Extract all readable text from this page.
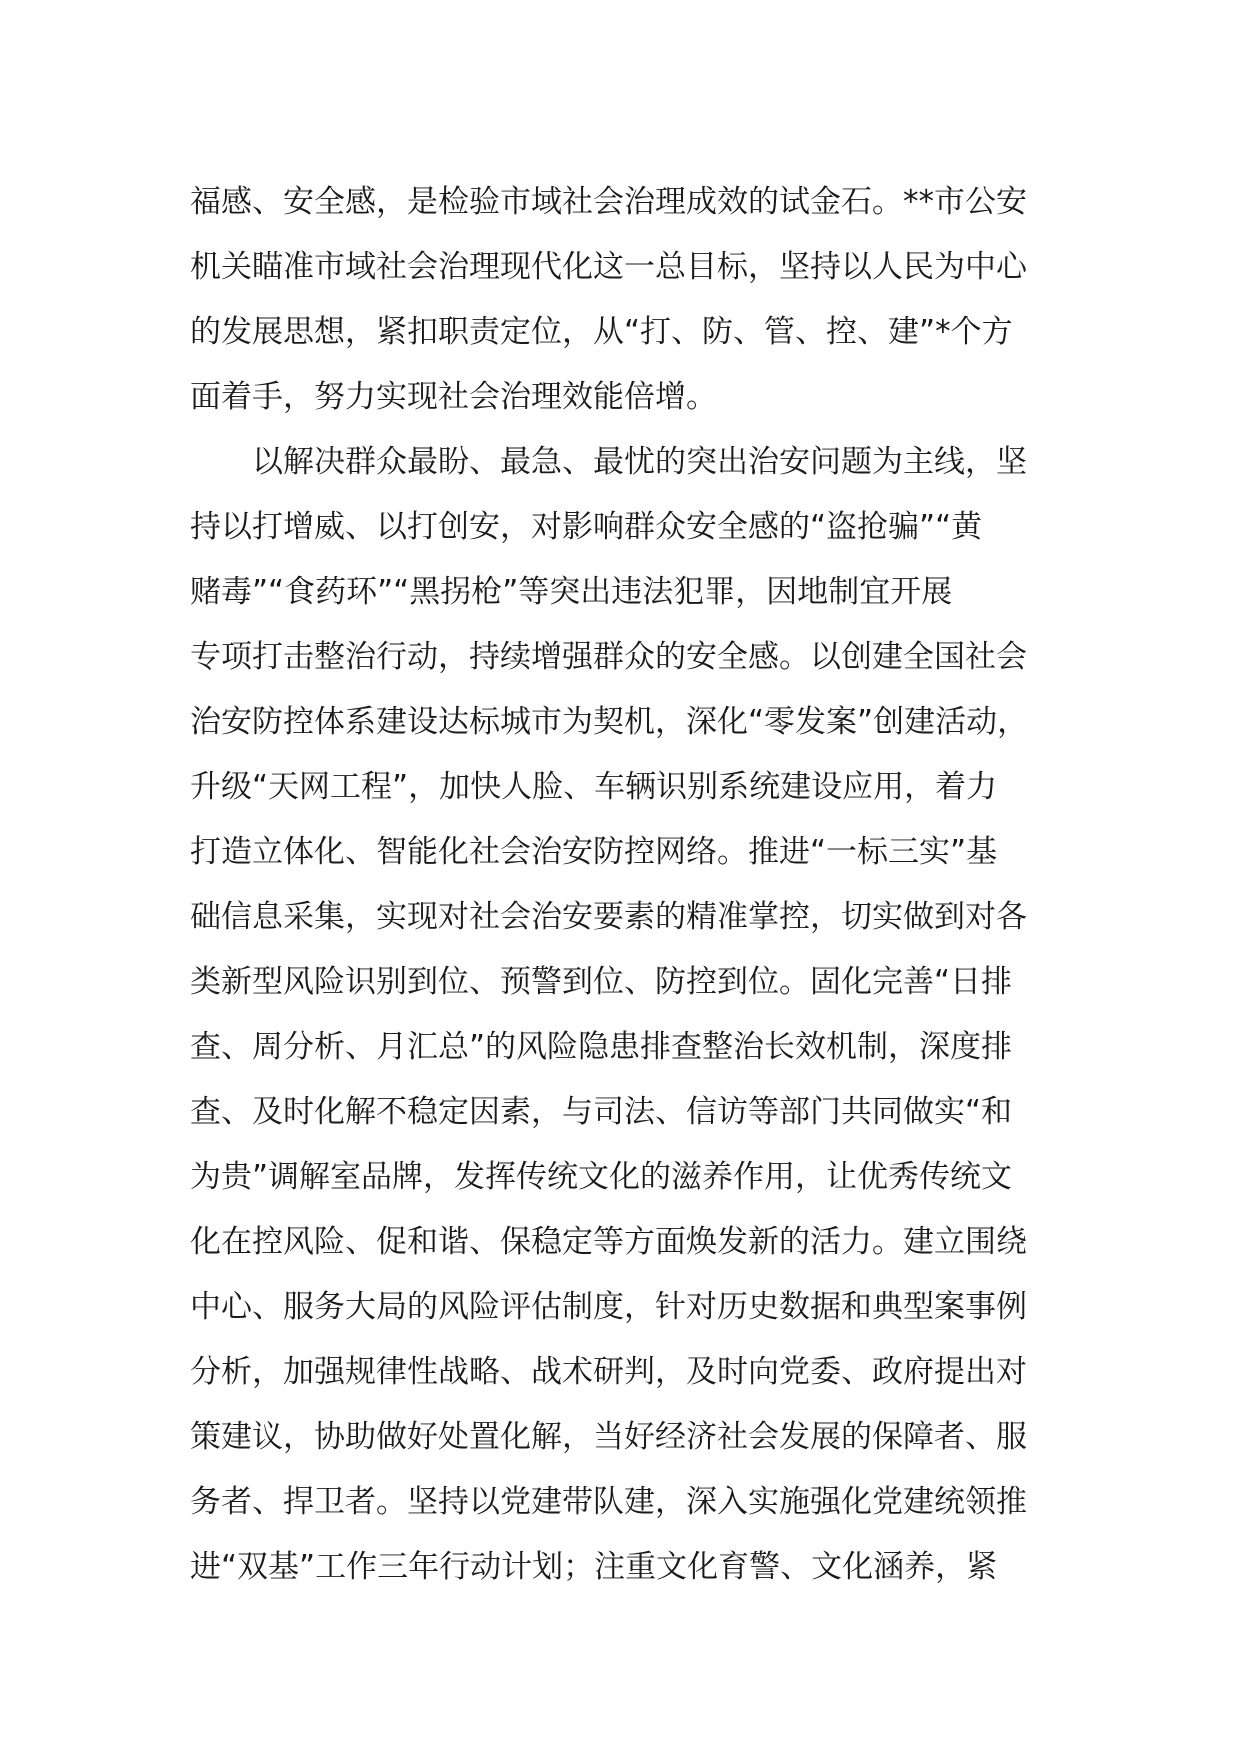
福感、安全感，是检验市域社会治理成效的试金石。**市公安
机关瞄准市域社会治理现代化这一总目标，坚持以人民为中心
的发展思想，紧扣职责定位，从“打、防、管、控、建”*个方
面着手，努力实现社会治理效能倍增。
以解决群众最盼、最急、最忧的突出治安问题为主线，坚
持以打增威、以打创安，对影响群众安全感的“盗抢骗”“黄
赌毒”“食药环”“黑拐枪”等突出违法犯罪，因地制宜开展
专项打击整治行动，持续增强群众的安全感。以创建全国社会
治安防控体系建设达标城市为契机，深化“零发案”创建活动，
升级“天网工程”，加快人脸、车辆识别系统建设应用，着力
打造立体化、智能化社会治安防控网络。推进“一标三实”基
础信息采集，实现对社会治安要素的精准掌控，切实做到对各
类新型风险识别到位、预警到位、防控到位。固化完善“日排
查、周分析、月汇总”的风险隐患排查整治长效机制，深度排
查、及时化解不稳定因素，与司法、信访等部门共同做实“和
为贵”调解室品牌，发挥传统文化的滋养作用，让优秀传统文
化在控风险、促和谐、保稳定等方面焕发新的活力。建立围绕
中心、服务大局的风险评估制度，针对历史数据和典型案事例
分析，加强规律性战略、战术研判，及时向党委、政府提出对
策建议，协助做好处置化解，当好经济社会发展的保障者、服
务者、捍卫者。坚持以党建带队建，深入实施强化党建统领推
进“双基”工作三年行动计划；注重文化育警、文化涵养，紧
